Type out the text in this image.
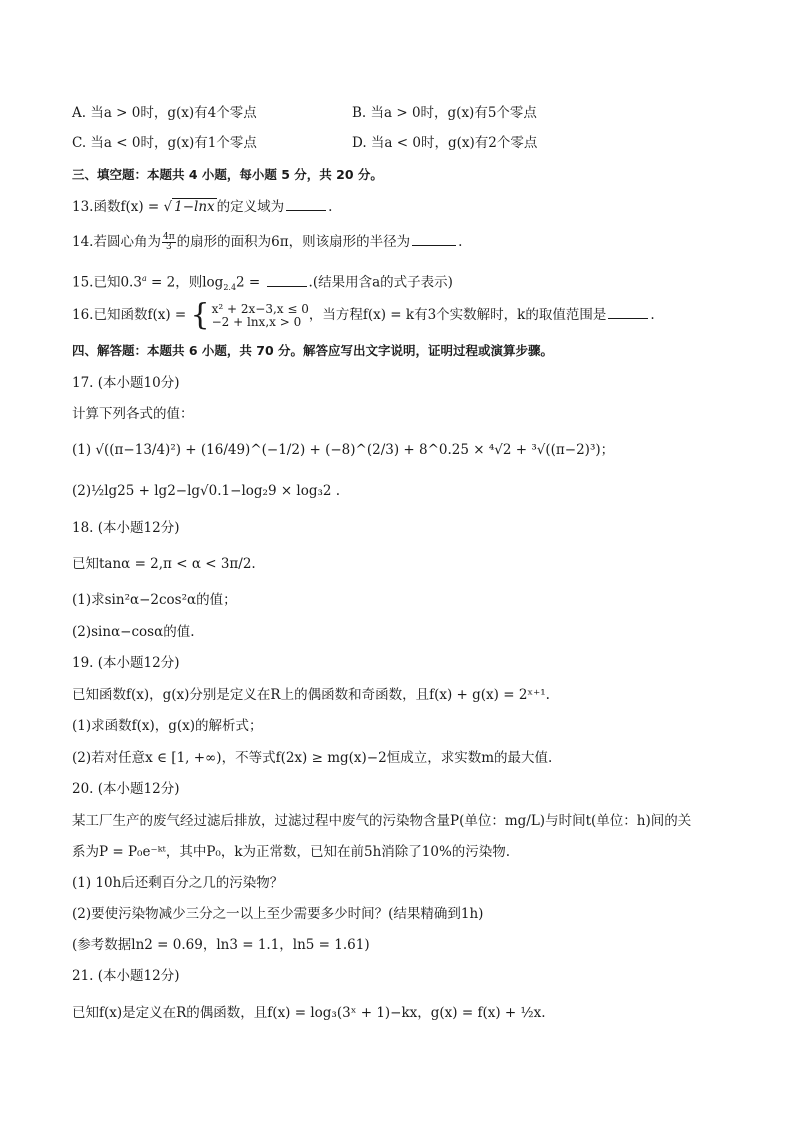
A. 当a > 0时，g(x)有4个零点	B. 当a > 0时，g(x)有5个零点
C. 当a < 0时，g(x)有1个零点	D. 当a < 0时，g(x)有2个零点
三、填空题：本题共 4 小题，每小题 5 分，共 20 分。
13.函数f(x) = √ 1−lnx 的定义域为	.
14.若圆心角为 $\frac{4\pi}{3}$ 的扇形的面积为6π，则该扇形的半径为	.
15.已知0.3$^a$ = 2，则$\log_{2.4}2$ =	.(结果用含a的式子表示)
16.已知函数f(x) = { x² + 2x−3,x ≤ 0
−2 + lnx,x > 0 ，当方程f(x) = k有3个实数解时，k的取值范围是	.
四、解答题：本题共 6 小题，共 70 分。解答应写出文字说明，证明过程或演算步骤。
17. (本小题10分)
计算下列各式的值：
(1) √((π−13/4)²) + (16/49)^(−1/2) + (−8)^(2/3) + 8^0.25 × ⁴√2 + ³√((π−2)³)；
(2)½lg25 + lg2−lg√0.1−log₂9 × log₃2 .
18. (本小题12分)
已知tanα = 2,π < α < 3π/2.
(1)求sin²α−2cos²α的值；
(2)sinα−cosα的值.
19. (本小题12分)
已知函数f(x)，g(x)分别是定义在R上的偶函数和奇函数，且f(x) + g(x) = 2ˣ⁺¹.
(1)求函数f(x)，g(x)的解析式；
(2)若对任意x ∈ [1, +∞)，不等式f(2x) ≥ mg(x)−2恒成立，求实数m的最大值.
20. (本小题12分)
某工厂生产的废气经过滤后排放，过滤过程中废气的污染物含量P(单位：mg/L)与时间t(单位：h)间的关
系为P = P₀e⁻ᵏᵗ，其中P₀，k为正常数，已知在前5h消除了10%的污染物.
(1) 10h后还剩百分之几的污染物？
(2)要使污染物减少三分之一以上至少需要多少时间？(结果精确到1h)
(参考数据ln2 = 0.69，ln3 = 1.1，ln5 = 1.61)
21. (本小题12分)
已知f(x)是定义在R的偶函数，且f(x) = log₃(3ˣ + 1)−kx，g(x) = f(x) + ½x.
